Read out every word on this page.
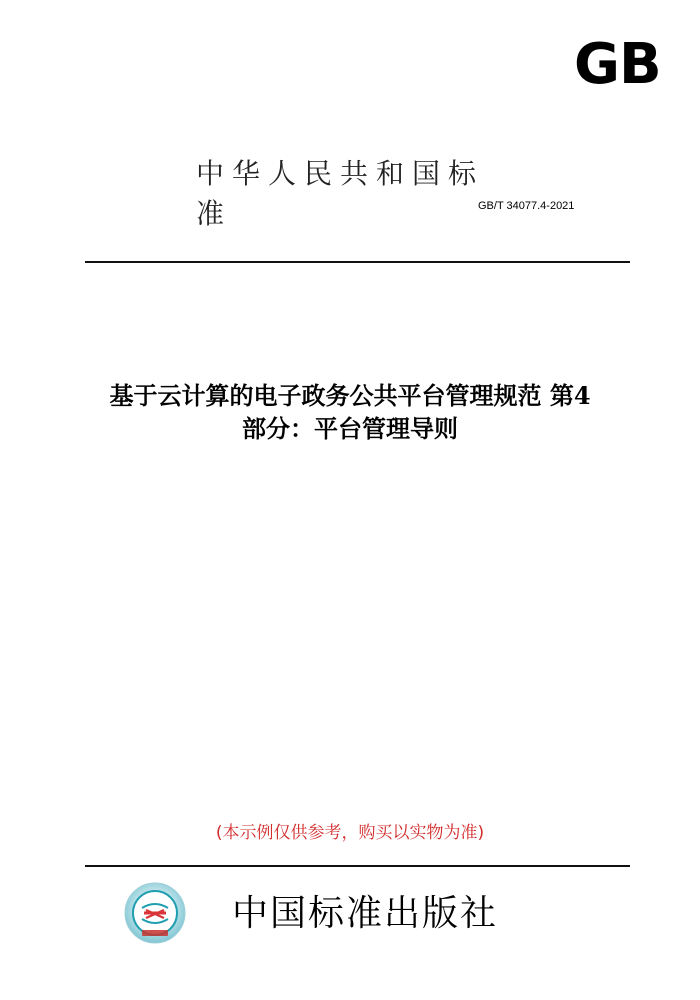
GB
中华人民共和国标准	GB/T 34077.4-2021
基于云计算的电子政务公共平台管理规范 第4
部分：平台管理导则
(本示例仅供参考，购买以实物为准)
中国标准出版社
